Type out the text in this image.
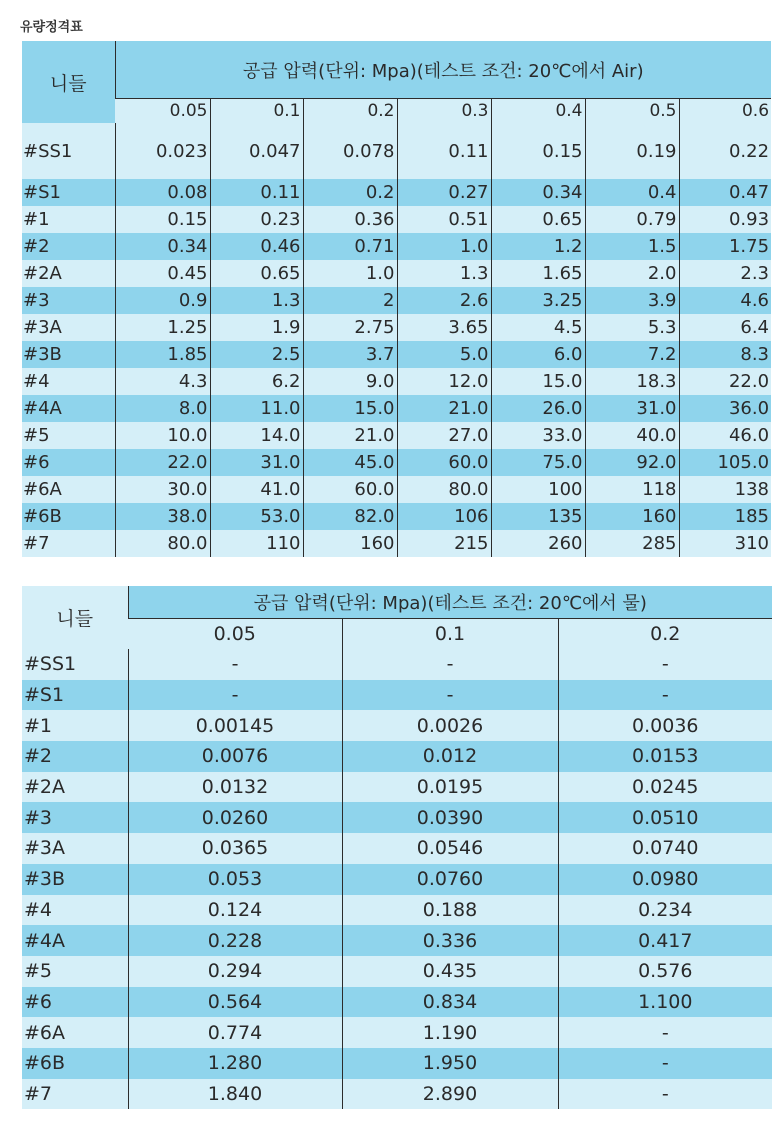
유량정격표
니들	공급 압력(단위: Mpa)(테스트 조건: 20℃에서 Air)						
	0.05	0.1	0.2	0.3	0.4	0.5	0.6
#SS1	0.023	0.047	0.078	0.11	0.15	0.19	0.22
#S1	0.08	0.11	0.2	0.27	0.34	0.4	0.47
#1	0.15	0.23	0.36	0.51	0.65	0.79	0.93
#2	0.34	0.46	0.71	1.0	1.2	1.5	1.75
#2A	0.45	0.65	1.0	1.3	1.65	2.0	2.3
#3	0.9	1.3	2	2.6	3.25	3.9	4.6
#3A	1.25	1.9	2.75	3.65	4.5	5.3	6.4
#3B	1.85	2.5	3.7	5.0	6.0	7.2	8.3
#4	4.3	6.2	9.0	12.0	15.0	18.3	22.0
#4A	8.0	11.0	15.0	21.0	26.0	31.0	36.0
#5	10.0	14.0	21.0	27.0	33.0	40.0	46.0
#6	22.0	31.0	45.0	60.0	75.0	92.0	105.0
#6A	30.0	41.0	60.0	80.0	100	118	138
#6B	38.0	53.0	82.0	106	135	160	185
#7	80.0	110	160	215	260	285	310
니들	공급 압력(단위: Mpa)(테스트 조건: 20℃에서 물)		
	0.05	0.1	0.2
#SS1	-	-	-
#S1	-	-	-
#1	0.00145	0.0026	0.0036
#2	0.0076	0.012	0.0153
#2A	0.0132	0.0195	0.0245
#3	0.0260	0.0390	0.0510
#3A	0.0365	0.0546	0.0740
#3B	0.053	0.0760	0.0980
#4	0.124	0.188	0.234
#4A	0.228	0.336	0.417
#5	0.294	0.435	0.576
#6	0.564	0.834	1.100
#6A	0.774	1.190	-
#6B	1.280	1.950	-
#7	1.840	2.890	-
